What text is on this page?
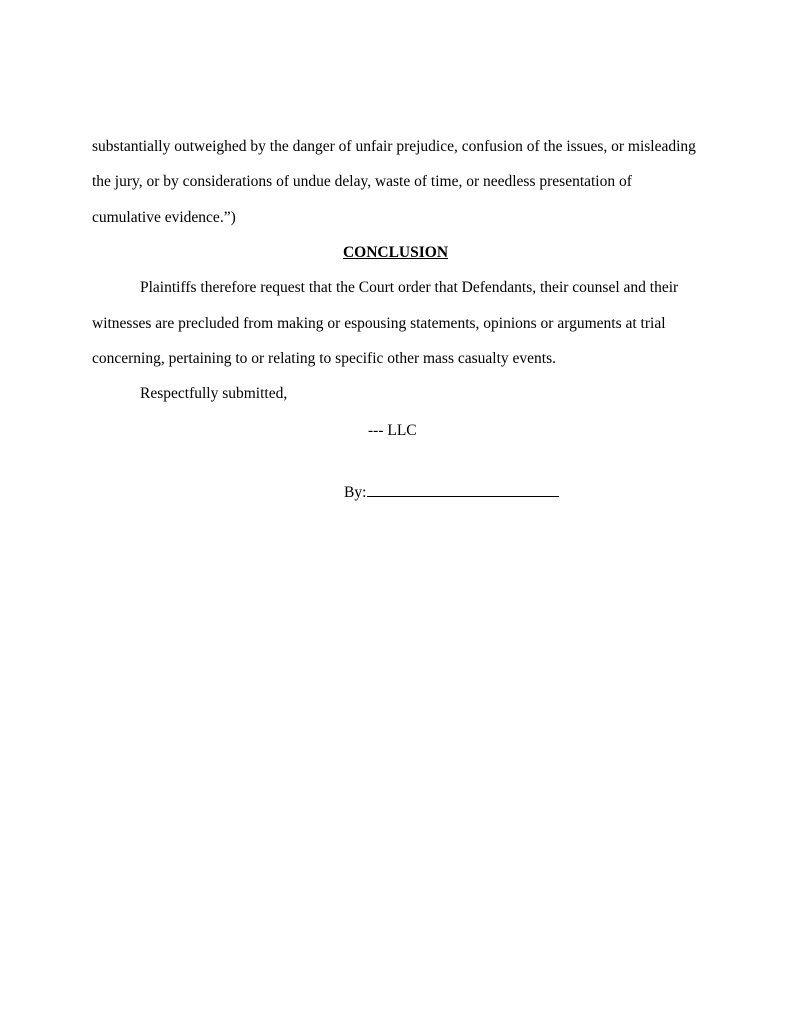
substantially outweighed by the danger of unfair prejudice, confusion of the issues, or misleading
the jury, or by considerations of undue delay, waste of time, or needless presentation of
cumulative evidence.”)
CONCLUSION
Plaintiffs therefore request that the Court order that Defendants, their counsel and their
witnesses are precluded from making or espousing statements, opinions or arguments at trial
concerning, pertaining to or relating to specific other mass casualty events.
Respectfully submitted,
--- LLC
By:
